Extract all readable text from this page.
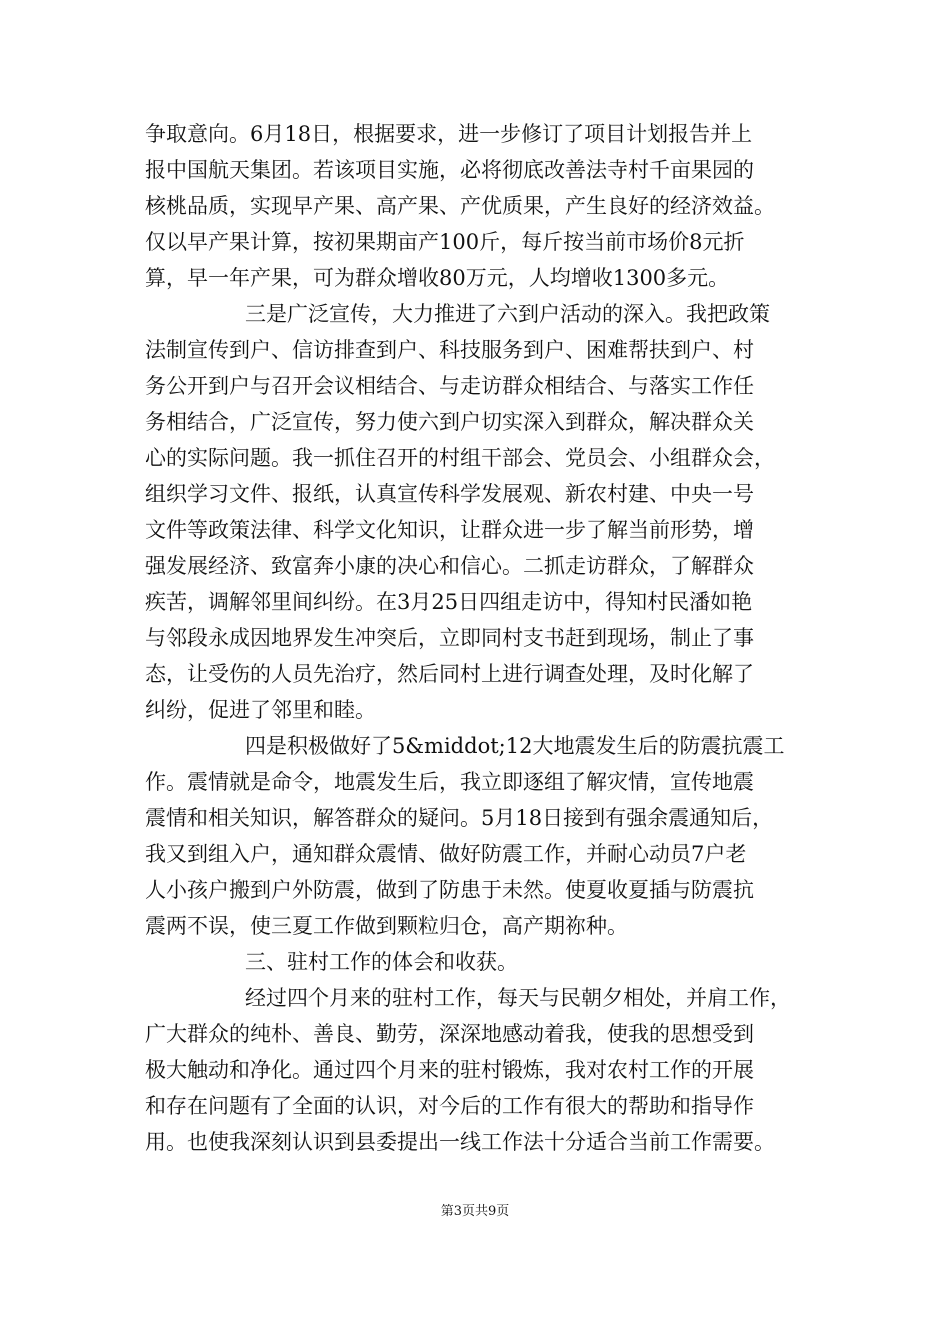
争取意向。6月18日，根据要求，进一步修订了项目计划报告并上
报中国航天集团。若该项目实施，必将彻底改善法寺村千亩果园的
核桃品质，实现早产果、高产果、产优质果，产生良好的经济效益。
仅以早产果计算，按初果期亩产100斤，每斤按当前市场价8元折
算，早一年产果，可为群众增收80万元，人均增收1300多元。
三是广泛宣传，大力推进了六到户活动的深入。我把政策
法制宣传到户、信访排查到户、科技服务到户、困难帮扶到户、村
务公开到户与召开会议相结合、与走访群众相结合、与落实工作任
务相结合，广泛宣传，努力使六到户切实深入到群众，解决群众关
心的实际问题。我一抓住召开的村组干部会、党员会、小组群众会，
组织学习文件、报纸，认真宣传科学发展观、新农村建、中央一号
文件等政策法律、科学文化知识，让群众进一步了解当前形势，增
强发展经济、致富奔小康的决心和信心。二抓走访群众，了解群众
疾苦，调解邻里间纠纷。在3月25日四组走访中，得知村民潘如艳
与邻段永成因地界发生冲突后，立即同村支书赶到现场，制止了事
态，让受伤的人员先治疗，然后同村上进行调查处理，及时化解了
纠纷，促进了邻里和睦。
四是积极做好了5&middot;12大地震发生后的防震抗震工
作。震情就是命令，地震发生后，我立即逐组了解灾情，宣传地震
震情和相关知识，解答群众的疑问。5月18日接到有强余震通知后，
我又到组入户，通知群众震情、做好防震工作，并耐心动员7户老
人小孩户搬到户外防震，做到了防患于未然。使夏收夏插与防震抗
震两不误，使三夏工作做到颗粒归仓，高产期祢种。
三、驻村工作的体会和收获。
经过四个月来的驻村工作，每天与民朝夕相处，并肩工作，
广大群众的纯朴、善良、勤劳，深深地感动着我，使我的思想受到
极大触动和净化。通过四个月来的驻村锻炼，我对农村工作的开展
和存在问题有了全面的认识，对今后的工作有很大的帮助和指导作
用。也使我深刻认识到县委提出一线工作法十分适合当前工作需要。
第3页共9页
